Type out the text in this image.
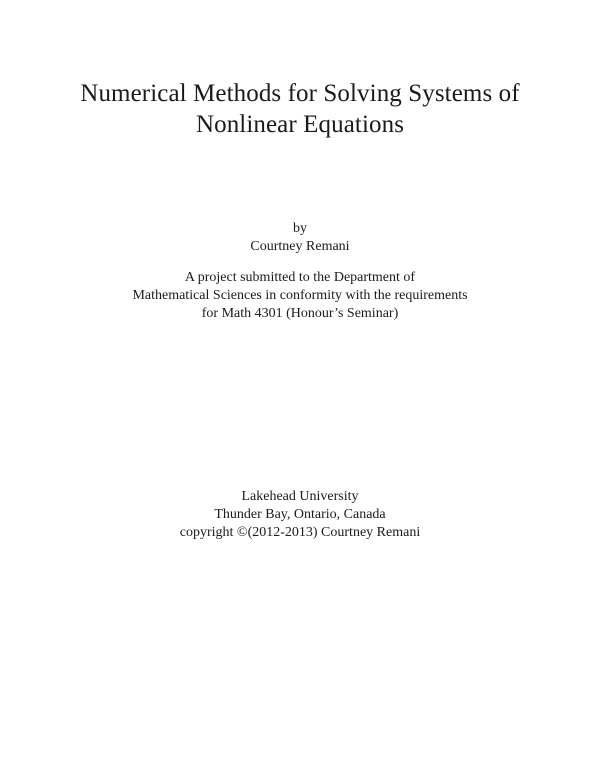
Numerical Methods for Solving Systems of
Nonlinear Equations
by
Courtney Remani
A project submitted to the Department of
Mathematical Sciences in conformity with the requirements
for Math 4301 (Honour’s Seminar)
Lakehead University
Thunder Bay, Ontario, Canada
copyright ©(2012-2013) Courtney Remani
